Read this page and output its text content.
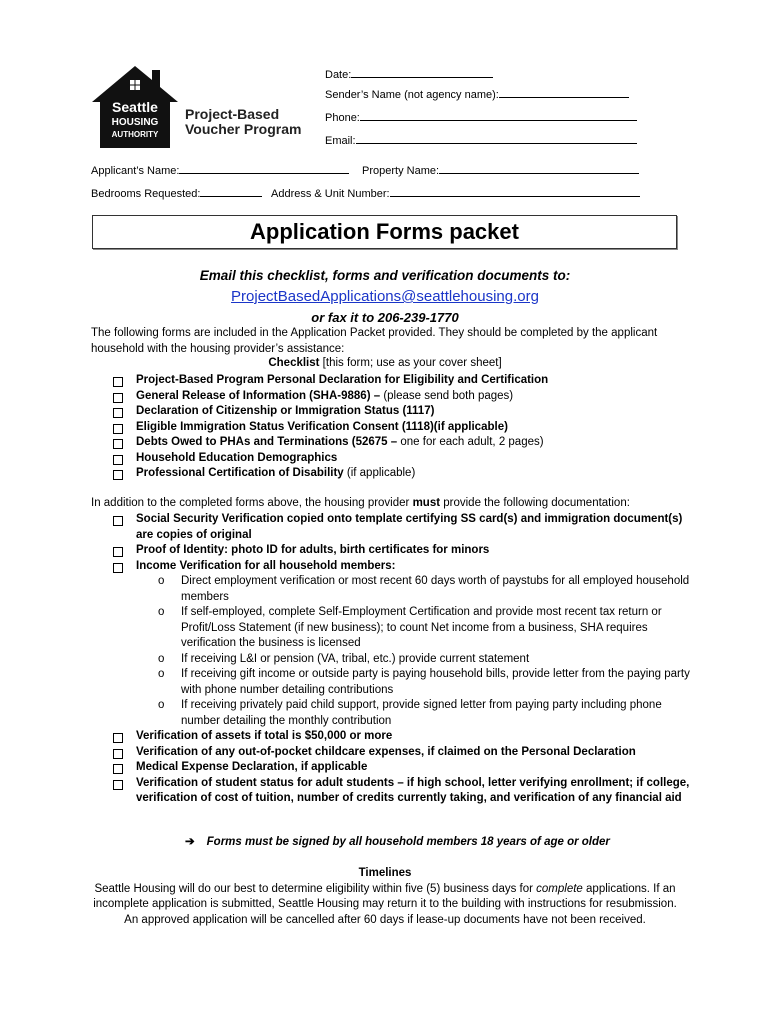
Seattle
HOUSING
AUTHORITY
Project-Based
Voucher Program
Date:
Sender’s Name (not agency name):
Phone:
Email:
Applicant’s Name:	Property Name:
Bedrooms Requested:	Address & Unit Number:
Application Forms packet
Email this checklist, forms and verification documents to:
ProjectBasedApplications@seattlehousing.org
or fax it to 206-239-1770
The following forms are included in the Application Packet provided. They should be completed by the applicant household with the housing provider’s assistance:
Checklist [this form; use as your cover sheet]
Project-Based Program Personal Declaration for Eligibility and Certification
General Release of Information (SHA-9886) – (please send both pages)
Declaration of Citizenship or Immigration Status (1117)
Eligible Immigration Status Verification Consent (1118)(if applicable)
Debts Owed to PHAs and Terminations (52675 – one for each adult, 2 pages)
Household Education Demographics
Professional Certification of Disability (if applicable)
In addition to the completed forms above, the housing provider must provide the following documentation:
Social Security Verification copied onto template certifying SS card(s) and immigration document(s) are copies of original
Proof of Identity: photo ID for adults, birth certificates for minors
Income Verification for all household members:
o Direct employment verification or most recent 60 days worth of paystubs for all employed household members
o If self-employed, complete Self-Employment Certification and provide most recent tax return or Profit/Loss Statement (if new business); to count Net income from a business, SHA requires verification the business is licensed
o If receiving L&I or pension (VA, tribal, etc.) provide current statement
o If receiving gift income or outside party is paying household bills, provide letter from the paying party with phone number detailing contributions
o If receiving privately paid child support, provide signed letter from paying party including phone number detailing the monthly contribution
Verification of assets if total is $50,000 or more
Verification of any out-of-pocket childcare expenses, if claimed on the Personal Declaration
Medical Expense Declaration, if applicable
Verification of student status for adult students – if high school, letter verifying enrollment; if college, verification of cost of tuition, number of credits currently taking, and verification of any financial aid
➔ Forms must be signed by all household members 18 years of age or older
Timelines
Seattle Housing will do our best to determine eligibility within five (5) business days for complete applications. If an incomplete application is submitted, Seattle Housing may return it to the building with instructions for resubmission. An approved application will be cancelled after 60 days if lease-up documents have not been received.
